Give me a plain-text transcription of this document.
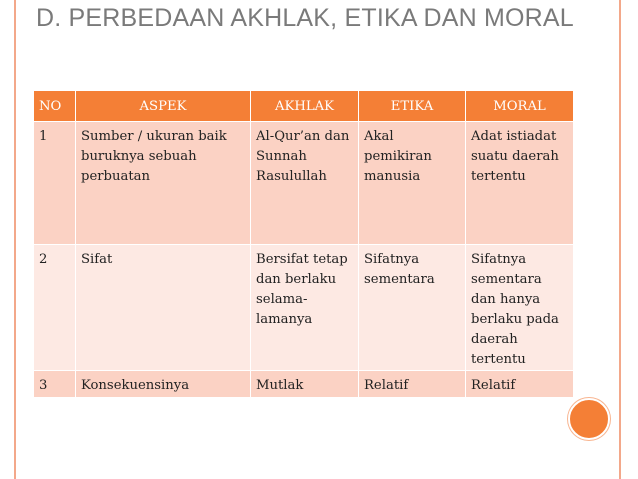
D. PERBEDAAN AKHLAK, ETIKA DAN MORAL
NO	ASPEK	AKHLAK	ETIKA	MORAL
1	Sumber / ukuran baik buruknya sebuah perbuatan	Al-Qur’an dan Sunnah Rasulullah	Akal pemikiran manusia	Adat istiadat suatu daerah tertentu
2	Sifat	Bersifat tetap dan berlaku selama-lamanya	Sifatnya sementara	Sifatnya sementara dan hanya berlaku pada daerah tertentu
3	Konsekuensinya	Mutlak	Relatif	Relatif
